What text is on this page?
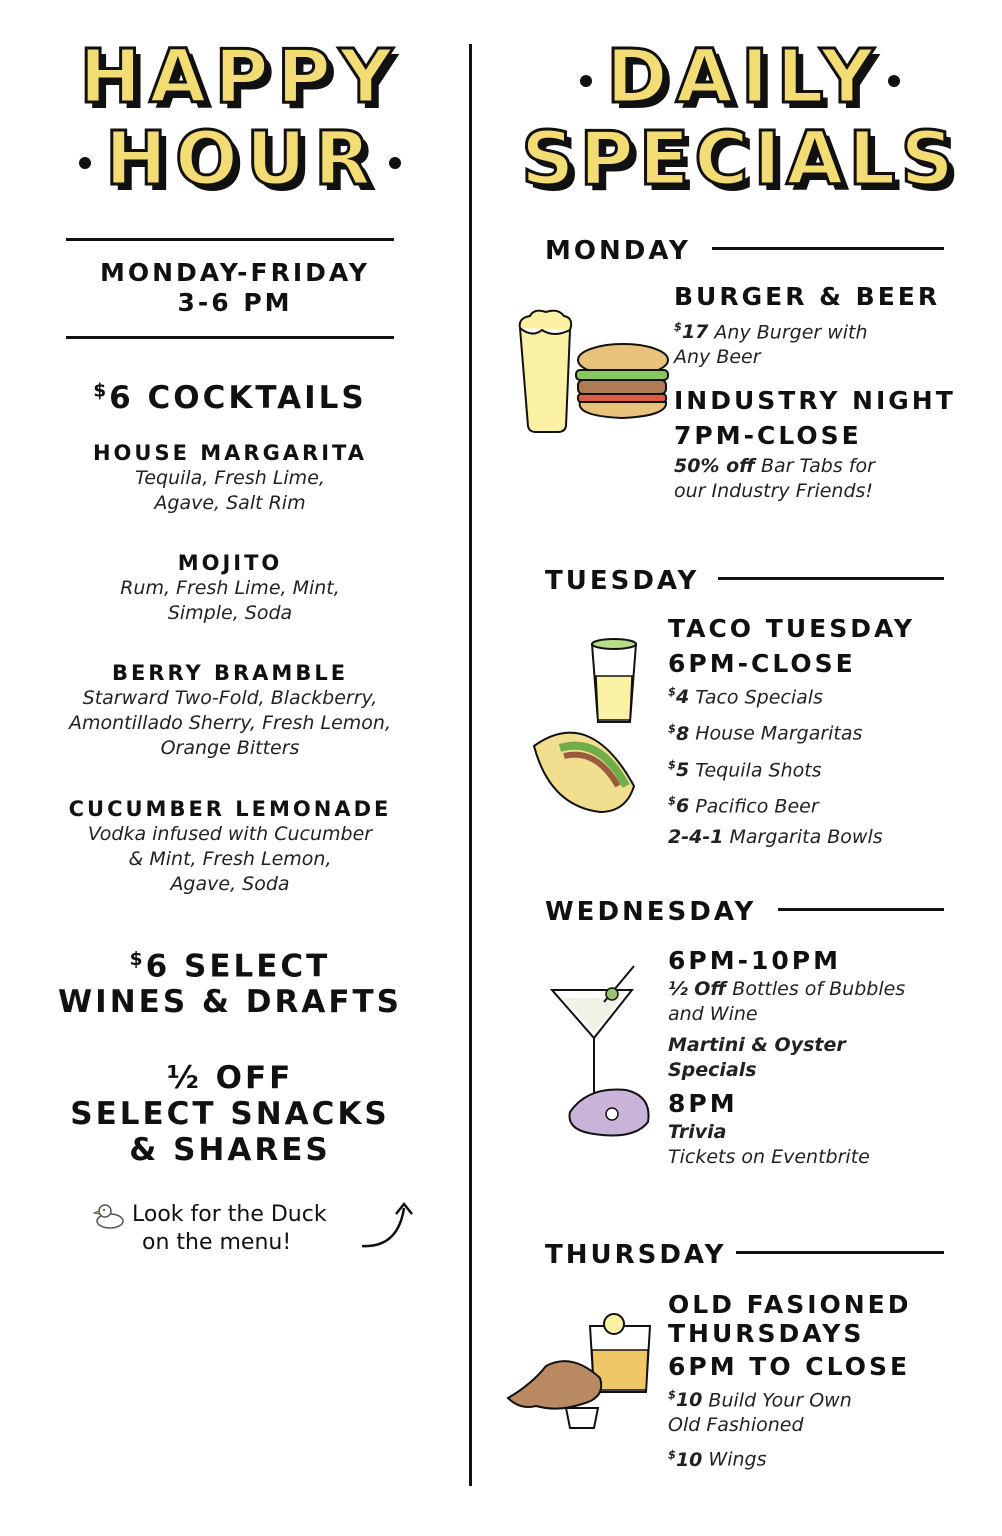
HAPPY
HOUR
MONDAY-FRIDAY
3-6 PM
$6 COCKTAILS
HOUSE MARGARITA
Tequila, Fresh Lime,
Agave, Salt Rim
MOJITO
Rum, Fresh Lime, Mint,
Simple, Soda
BERRY BRAMBLE
Starward Two-Fold, Blackberry,
Amontillado Sherry, Fresh Lemon,
Orange Bitters
CUCUMBER LEMONADE
Vodka infused with Cucumber
& Mint, Fresh Lemon,
Agave, Soda
$6 SELECT
WINES & DRAFTS
½ OFF
SELECT SNACKS
& SHARES
Look for the Duck
on the menu!
DAILY
SPECIALS
MONDAY
BURGER & BEER
$17 Any Burger with
Any Beer
INDUSTRY NIGHT
7PM-CLOSE
50% off Bar Tabs for
our Industry Friends!
TUESDAY
TACO TUESDAY
6PM-CLOSE
$4 Taco Specials
$8 House Margaritas
$5 Tequila Shots
$6 Pacifico Beer
2-4-1 Margarita Bowls
WEDNESDAY
6PM-10PM
½ Off Bottles of Bubbles
and Wine
Martini & Oyster
Specials
8PM
Trivia
Tickets on Eventbrite
THURSDAY
OLD FASIONED
THURSDAYS
6PM TO CLOSE
$10 Build Your Own
Old Fashioned
$10 Wings
